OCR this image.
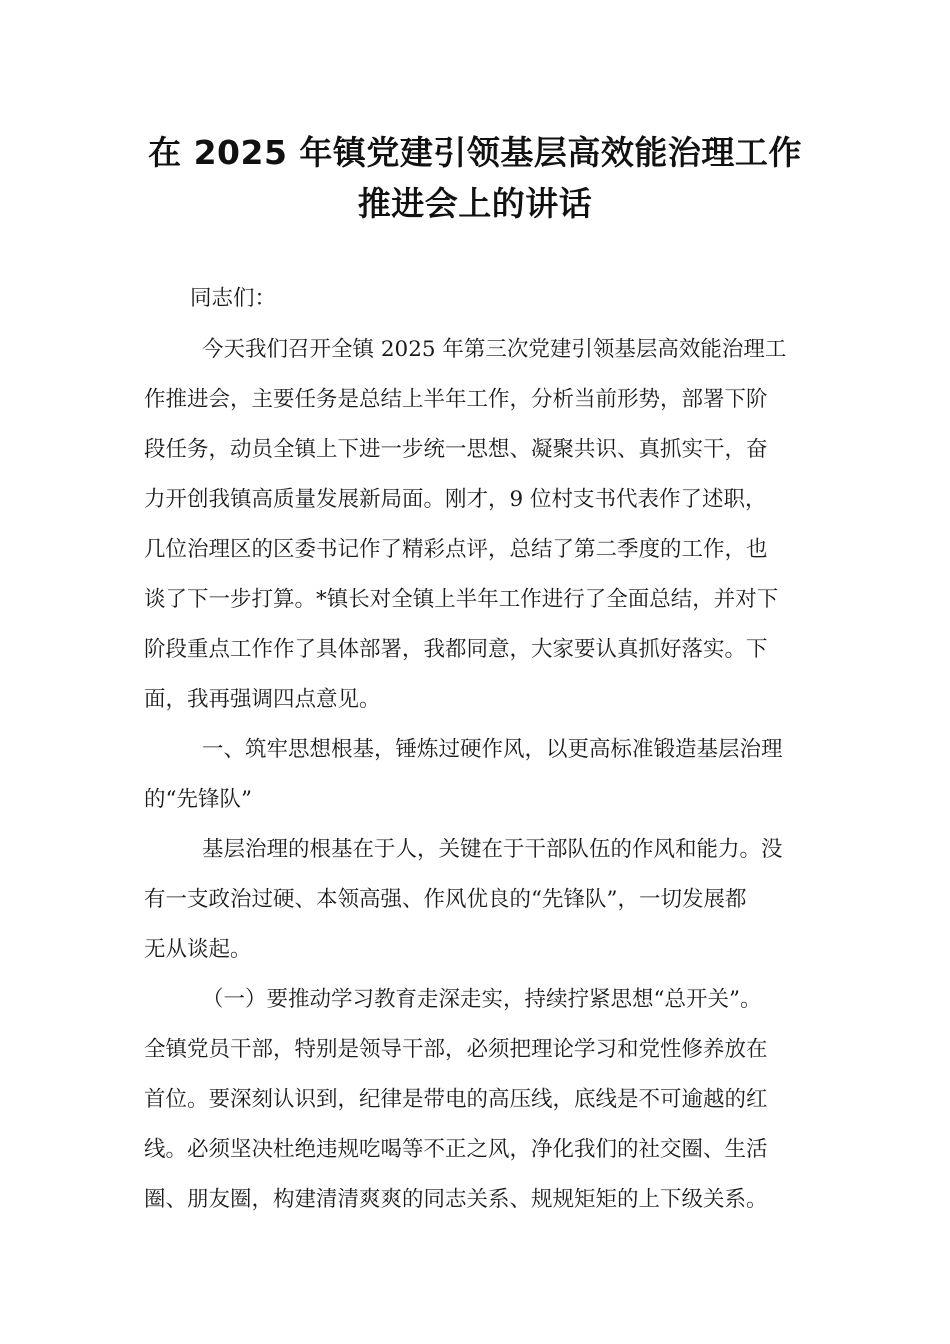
在 2025 年镇党建引领基层高效能治理工作
推进会上的讲话
同志们：
今天我们召开全镇 2025 年第三次党建引领基层高效能治理工
作推进会，主要任务是总结上半年工作，分析当前形势，部署下阶
段任务，动员全镇上下进一步统一思想、凝聚共识、真抓实干，奋
力开创我镇高质量发展新局面。刚才，9 位村支书代表作了述职，
几位治理区的区委书记作了精彩点评，总结了第二季度的工作，也
谈了下一步打算。*镇长对全镇上半年工作进行了全面总结，并对下
阶段重点工作作了具体部署，我都同意，大家要认真抓好落实。下
面，我再强调四点意见。
一、筑牢思想根基，锤炼过硬作风，以更高标准锻造基层治理
的“先锋队”
基层治理的根基在于人，关键在于干部队伍的作风和能力。没
有一支政治过硬、本领高强、作风优良的“先锋队”，一切发展都
无从谈起。
（一）要推动学习教育走深走实，持续拧紧思想“总开关”。
全镇党员干部，特别是领导干部，必须把理论学习和党性修养放在
首位。要深刻认识到，纪律是带电的高压线，底线是不可逾越的红
线。必须坚决杜绝违规吃喝等不正之风，净化我们的社交圈、生活
圈、朋友圈，构建清清爽爽的同志关系、规规矩矩的上下级关系。
